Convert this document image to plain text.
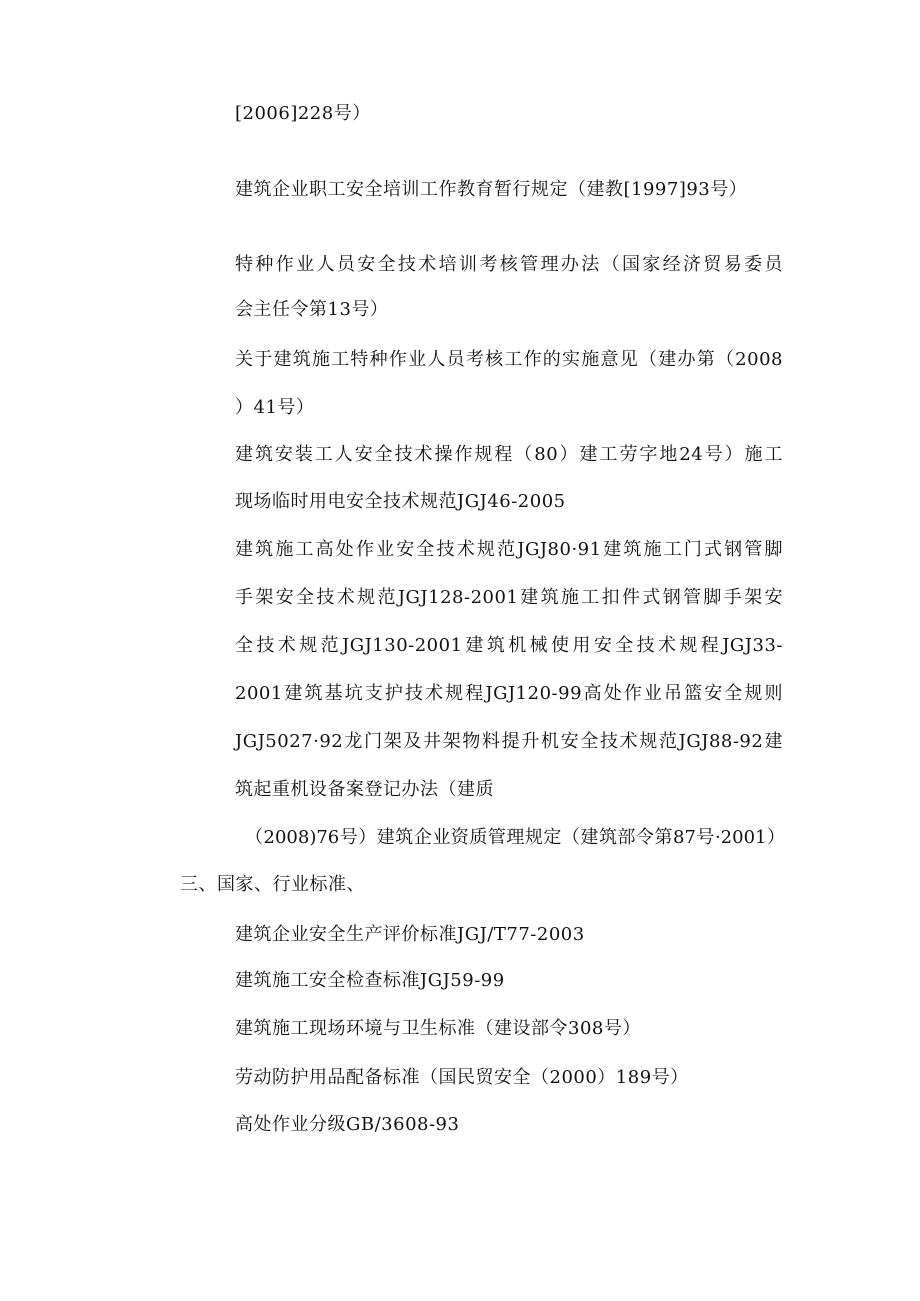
[2006]228号）
建筑企业职工安全培训工作教育暂行规定（建教[1997]93号）
特种作业人员安全技术培训考核管理办法（国家经济贸易委员
会主任令第13号）
关于建筑施工特种作业人员考核工作的实施意见（建办第（2008
）41号）
建筑安装工人安全技术操作规程（80）建工劳字地24号）施工
现场临时用电安全技术规范JGJ46-2005
建筑施工高处作业安全技术规范JGJ80·91建筑施工门式钢管脚
手架安全技术规范JGJ128-2001建筑施工扣件式钢管脚手架安
全技术规范JGJ130-2001建筑机械使用安全技术规程JGJ33-
2001建筑基坑支护技术规程JGJ120-99高处作业吊篮安全规则
JGJ5027·92龙门架及井架物料提升机安全技术规范JGJ88-92建
筑起重机设备案登记办法（建质
（2008)76号）建筑企业资质管理规定（建筑部令第87号·2001）
三、国家、行业标准、
建筑企业安全生产评价标准JGJ/T77-2003
建筑施工安全检查标准JGJ59-99
建筑施工现场环境与卫生标准（建设部令308号）
劳动防护用品配备标准（国民贸安全（2000）189号）
高处作业分级GB/3608-93
